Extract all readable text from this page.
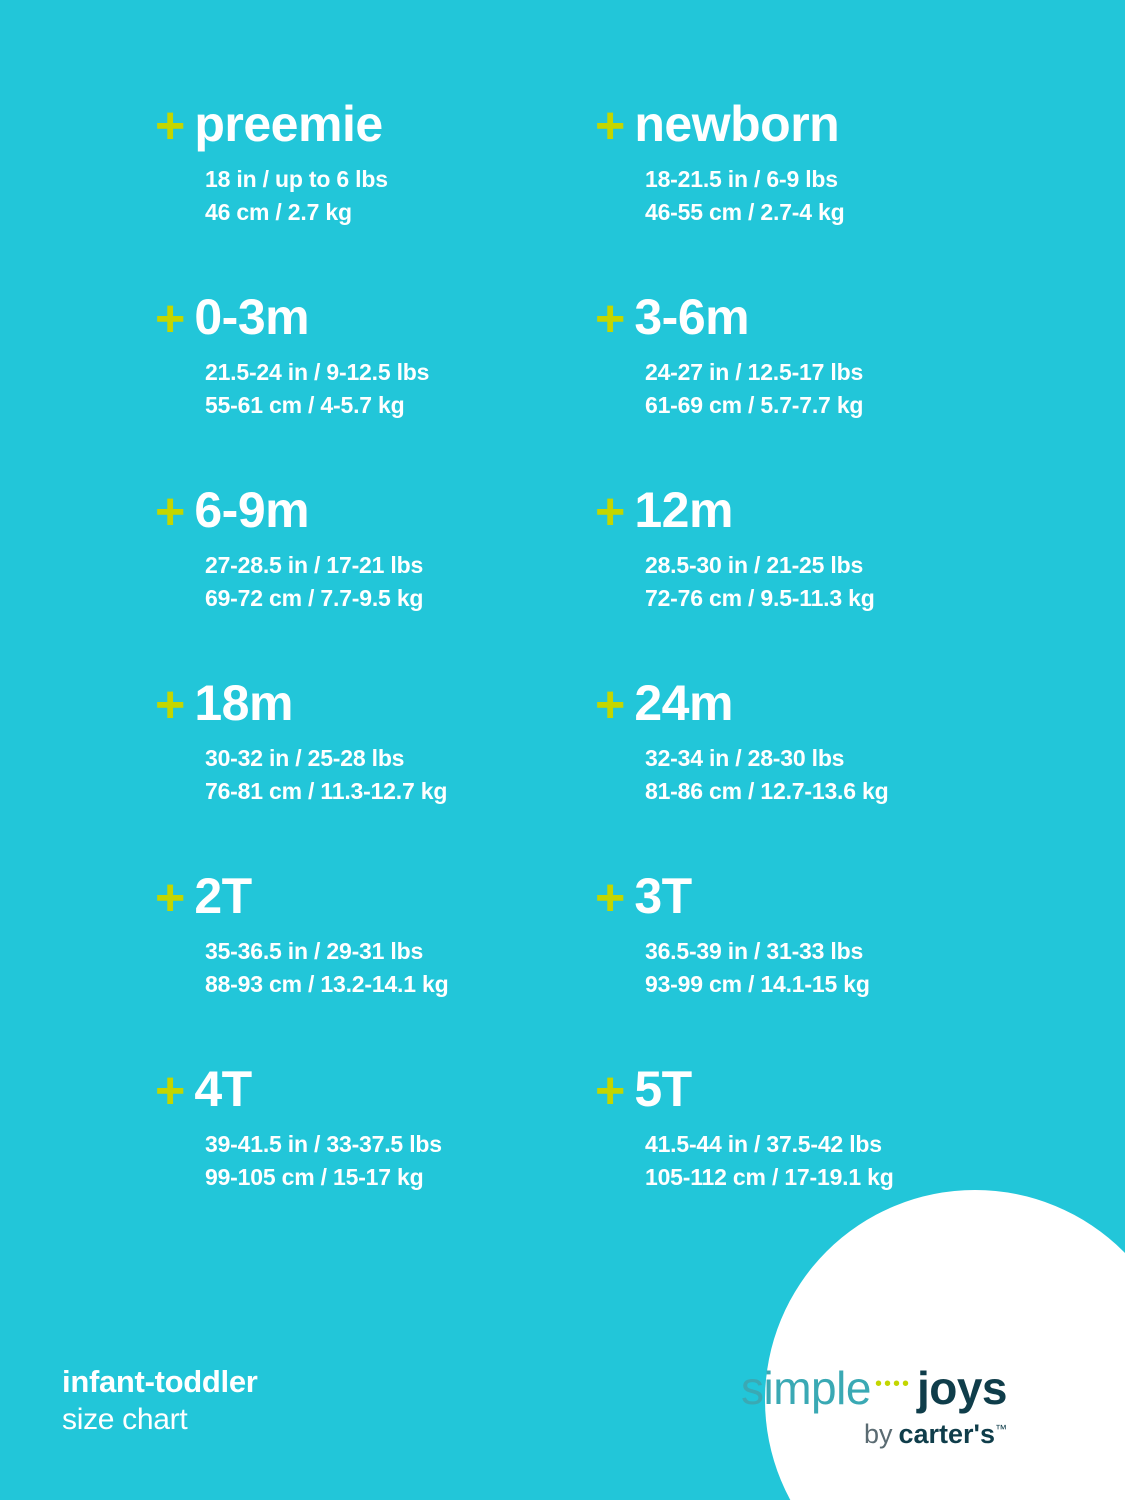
+ preemie
18 in / up to 6 lbs
46 cm / 2.7 kg
+ newborn
18-21.5 in / 6-9 lbs
46-55 cm / 2.7-4 kg
+ 0-3m
21.5-24 in / 9-12.5 lbs
55-61 cm / 4-5.7 kg
+ 3-6m
24-27 in / 12.5-17 lbs
61-69 cm / 5.7-7.7 kg
+ 6-9m
27-28.5 in / 17-21 lbs
69-72 cm / 7.7-9.5 kg
+ 12m
28.5-30 in / 21-25 lbs
72-76 cm / 9.5-11.3 kg
+ 18m
30-32 in / 25-28 lbs
76-81 cm / 11.3-12.7 kg
+ 24m
32-34 in / 28-30 lbs
81-86 cm / 12.7-13.6 kg
+ 2T
35-36.5 in / 29-31 lbs
88-93 cm / 13.2-14.1 kg
+ 3T
36.5-39 in / 31-33 lbs
93-99 cm / 14.1-15 kg
+ 4T
39-41.5 in / 33-37.5 lbs
99-105 cm / 15-17 kg
+ 5T
41.5-44 in / 37.5-42 lbs
105-112 cm / 17-19.1 kg
infant-toddler
size chart
simple •••• joys
by carter's™
